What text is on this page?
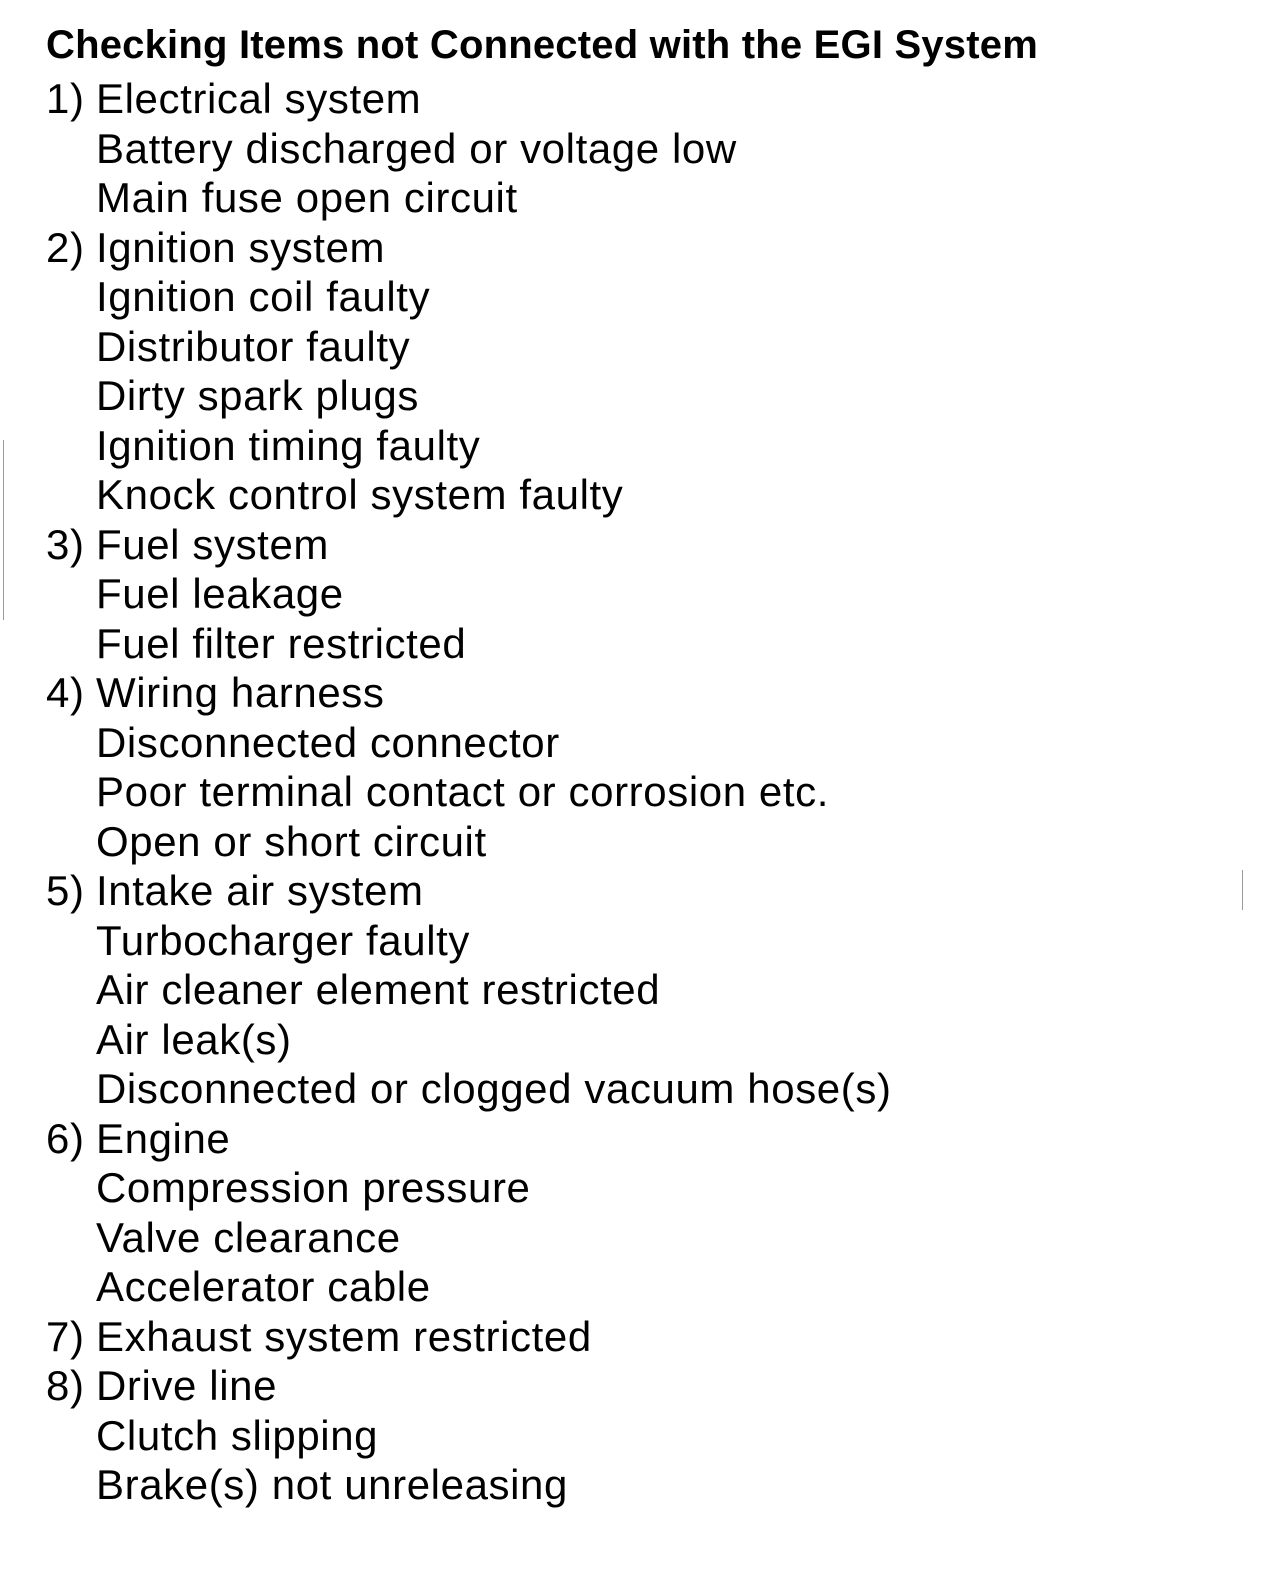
Checking Items not Connected with the EGI System
1) Electrical system
Battery discharged or voltage low
Main fuse open circuit
2) Ignition system
Ignition coil faulty
Distributor faulty
Dirty spark plugs
Ignition timing faulty
Knock control system faulty
3) Fuel system
Fuel leakage
Fuel filter restricted
4) Wiring harness
Disconnected connector
Poor terminal contact or corrosion etc.
Open or short circuit
5) Intake air system
Turbocharger faulty
Air cleaner element restricted
Air leak(s)
Disconnected or clogged vacuum hose(s)
6) Engine
Compression pressure
Valve clearance
Accelerator cable
7) Exhaust system restricted
8) Drive line
Clutch slipping
Brake(s) not unreleasing
